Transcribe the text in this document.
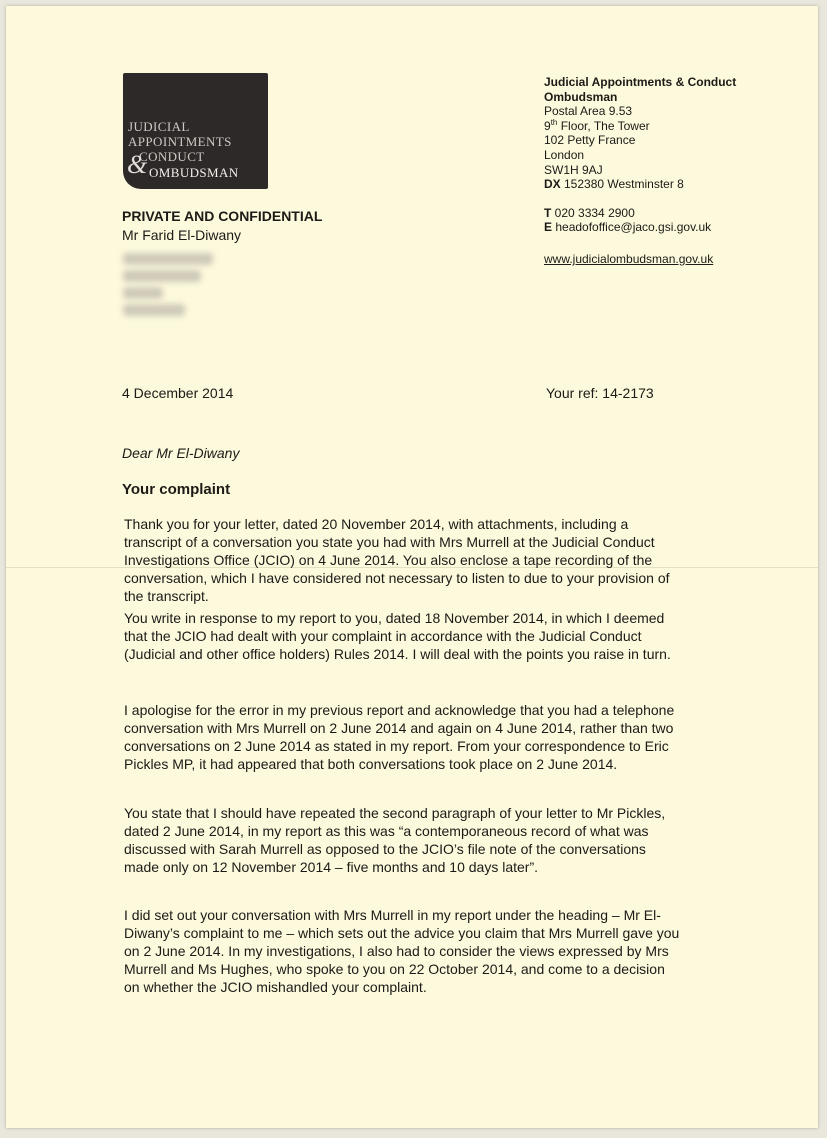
JUDICIAL
APPOINTMENTS
CONDUCT
& OMBUDSMAN
Judicial Appointments & Conduct
Ombudsman
Postal Area 9.53
9th Floor, The Tower
102 Petty France
London
SW1H 9AJ
DX 152380 Westminster 8
T 020 3334 2900
E headofoffice@jaco.gsi.gov.uk
www.judicialombudsman.gov.uk
PRIVATE AND CONFIDENTIAL
Mr Farid El-Diwany
4 December 2014	Your ref: 14-2173
Dear Mr El-Diwany
Your complaint

Thank you for your letter, dated 20 November 2014, with attachments, including a transcript of a conversation you state you had with Mrs Murrell at the Judicial Conduct Investigations Office (JCIO) on 4 June 2014. You also enclose a tape recording of the conversation, which I have considered not necessary to listen to due to your provision of the transcript.

You write in response to my report to you, dated 18 November 2014, in which I deemed that the JCIO had dealt with your complaint in accordance with the Judicial Conduct (Judicial and other office holders) Rules 2014. I will deal with the points you raise in turn.

I apologise for the error in my previous report and acknowledge that you had a telephone conversation with Mrs Murrell on 2 June 2014 and again on 4 June 2014, rather than two conversations on 2 June 2014 as stated in my report. From your correspondence to Eric Pickles MP, it had appeared that both conversations took place on 2 June 2014.

You state that I should have repeated the second paragraph of your letter to Mr Pickles, dated 2 June 2014, in my report as this was “a contemporaneous record of what was discussed with Sarah Murrell as opposed to the JCIO’s file note of the conversations made only on 12 November 2014 – five months and 10 days later”.

I did set out your conversation with Mrs Murrell in my report under the heading – Mr El-Diwany’s complaint to me – which sets out the advice you claim that Mrs Murrell gave you on 2 June 2014. In my investigations, I also had to consider the views expressed by Mrs Murrell and Ms Hughes, who spoke to you on 22 October 2014, and come to a decision on whether the JCIO mishandled your complaint.
